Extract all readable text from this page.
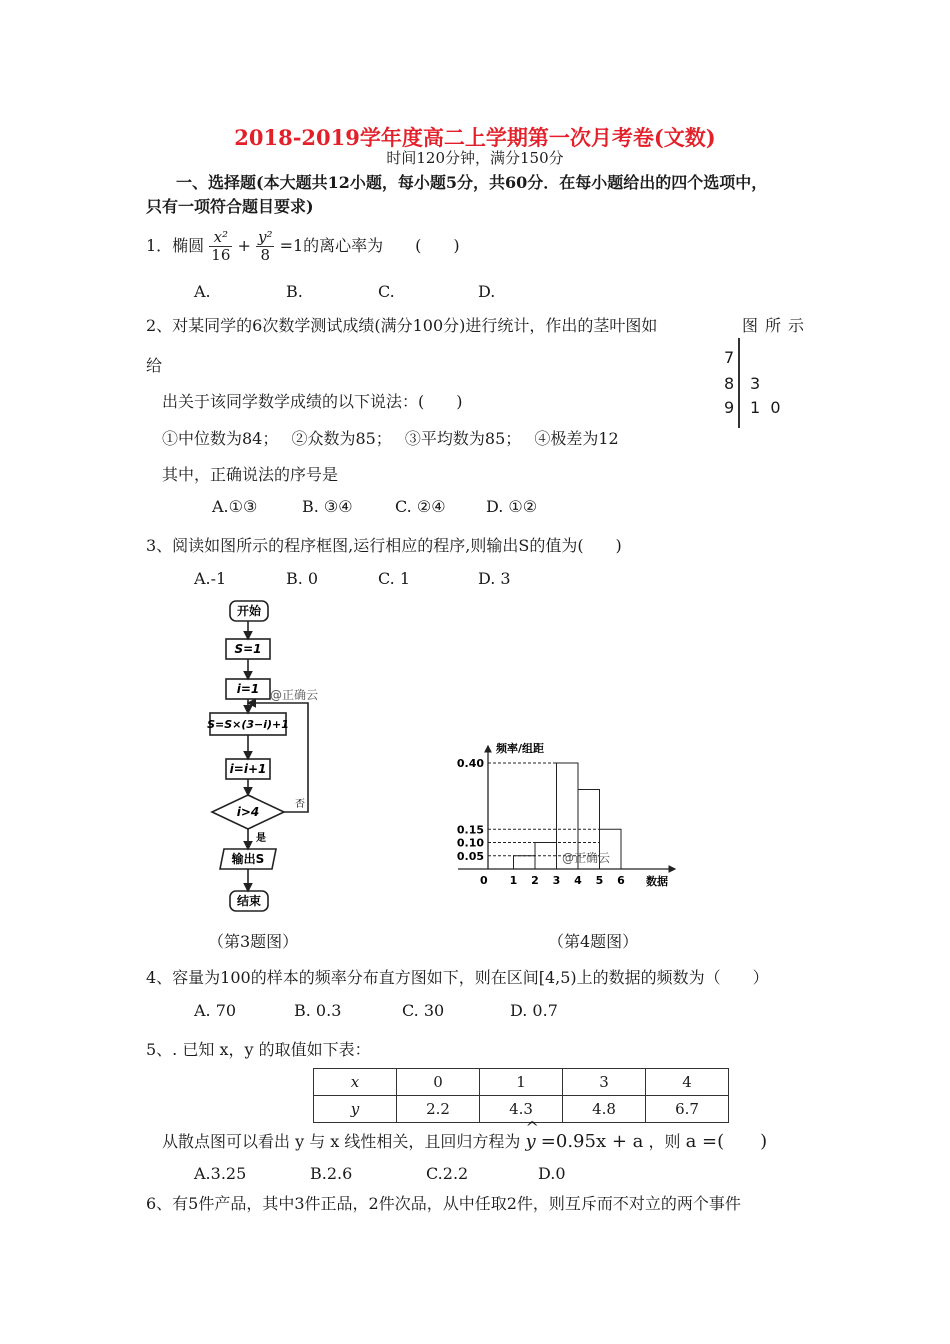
2018-2019学年度高二上学期第一次月考卷(文数)
时间120分钟，满分150分
一、选择题(本大题共12小题，每小题5分，共60分．在每小题给出的四个选项中，
只有一项符合题目要求)
1．椭圆 $\frac{\text{x²}}{16} + \frac{\text{y²}}{8} =1$的离心率为　　(　　)
A.	B.	C.	D.
2、对某同学的6次数学测试成绩(满分100分)进行统计，作出的茎叶图如	图所示
给
出关于该同学数学成绩的以下说法：(　　)
①中位数为84；　 ②众数为85；　 ③平均数为85；　 ④极差为12
其中，正确说法的序号是
A.①③	B. ③④	C. ②④	D. ①②
7
8 3
9 1  0
3、阅读如图所示的程序框图,运行相应的程序,则输出S的值为(　　)
A.-1	B. 0	C. 1	D. 3
开始
S=1
i=1
S=S×(3−i)+1
i=i+1
i>4
否
是
输出S
结束
@正确云
（第3题图）
0.05
0.10
0.15
0.40
1 2 3 4 5 6
频率/组距
数据
0
@正确云
（第4题图）
4、容量为100的样本的频率分布直方图如下，则在区间[4,5)上的数据的频数为（　　）
A. 70	B. 0.3	C. 30	D. 0.7
5、. 已知 x，y 的取值如下表：
x	0	1	3	4
y	2.2	4.3	4.8	6.7
从散点图可以看出 y 与 x 线性相关，且回归方程为 ^ y =0.95x + a ，则 a =(　　)
A.3.25	B.2.6	C.2.2	D.0
6、有5件产品，其中3件正品，2件次品，从中任取2件，则互斥而不对立的两个事件
